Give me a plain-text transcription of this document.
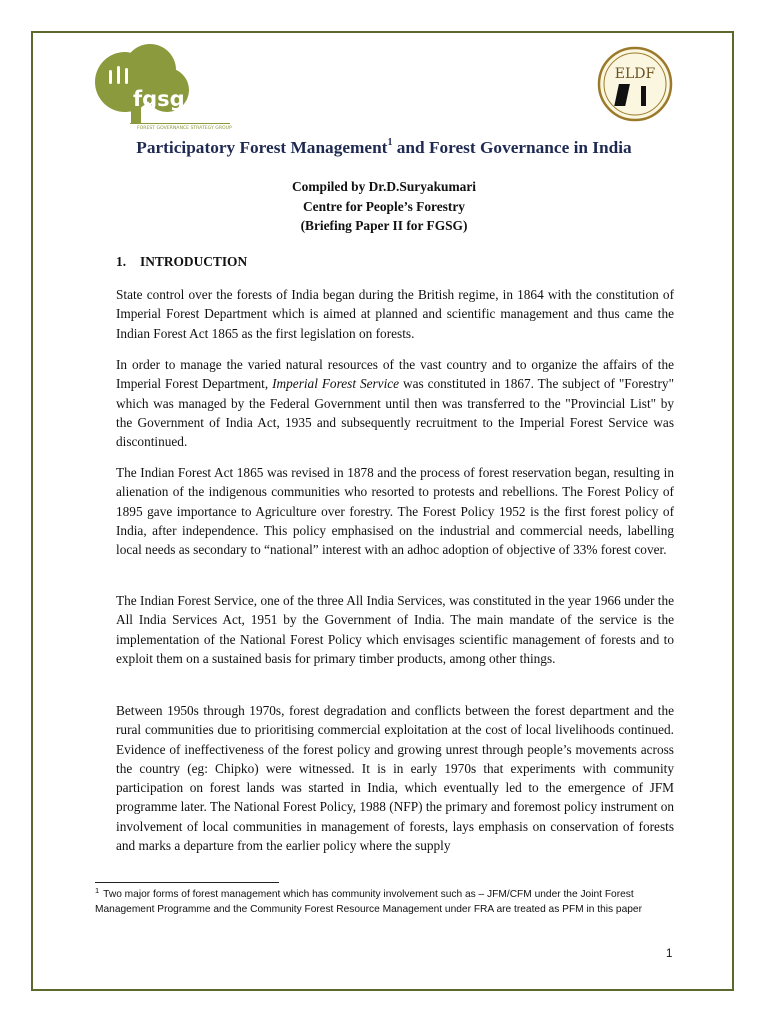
fgsg
FOREST GOVERNANCE STRATEGY GROUP
ELDF
Participatory Forest Management$^1$ and Forest Governance in India
Compiled by Dr.D.Suryakumari
Centre for People’s Forestry
(Briefing Paper II for FGSG)
1. INTRODUCTION

State control over the forests of India began during the British regime, in 1864 with the constitution of Imperial Forest Department which is aimed at planned and scientific management and thus came the Indian Forest Act 1865 as the first legislation on forests.

In order to manage the varied natural resources of the vast country and to organize the affairs of the Imperial Forest Department, Imperial Forest Service was constituted in 1867. The subject of "Forestry" which was managed by the Federal Government until then was transferred to the "Provincial List" by the Government of India Act, 1935 and subsequently recruitment to the Imperial Forest Service was discontinued.

The Indian Forest Act 1865 was revised in 1878 and the process of forest reservation began, resulting in alienation of the indigenous communities who resorted to protests and rebellions. The Forest Policy of 1895 gave importance to Agriculture over forestry. The Forest Policy 1952 is the first forest policy of India, after independence. This policy emphasised on the industrial and commercial needs, labelling local needs as secondary to “national” interest with an adhoc adoption of objective of 33% forest cover.

The Indian Forest Service, one of the three All India Services, was constituted in the year 1966 under the All India Services Act, 1951 by the Government of India. The main mandate of the service is the implementation of the National Forest Policy which envisages scientific management of forests and to exploit them on a sustained basis for primary timber products, among other things.

Between 1950s through 1970s, forest degradation and conflicts between the forest department and the rural communities due to prioritising commercial exploitation at the cost of local livelihoods continued. Evidence of ineffectiveness of the forest policy and growing unrest through people’s movements across the country (eg: Chipko) were witnessed. It is in early 1970s that experiments with community participation on forest lands was started in India, which eventually led to the emergence of JFM programme later. The National Forest Policy, 1988 (NFP) the primary and foremost policy instrument on involvement of local communities in management of forests, lays emphasis on conservation of forests and marks a departure from the earlier policy where the supply

$^1$ Two major forms of forest management which has community involvement such as – JFM/CFM under the Joint Forest Management Programme and the Community Forest Resource Management under FRA are treated as PFM in this paper
1
